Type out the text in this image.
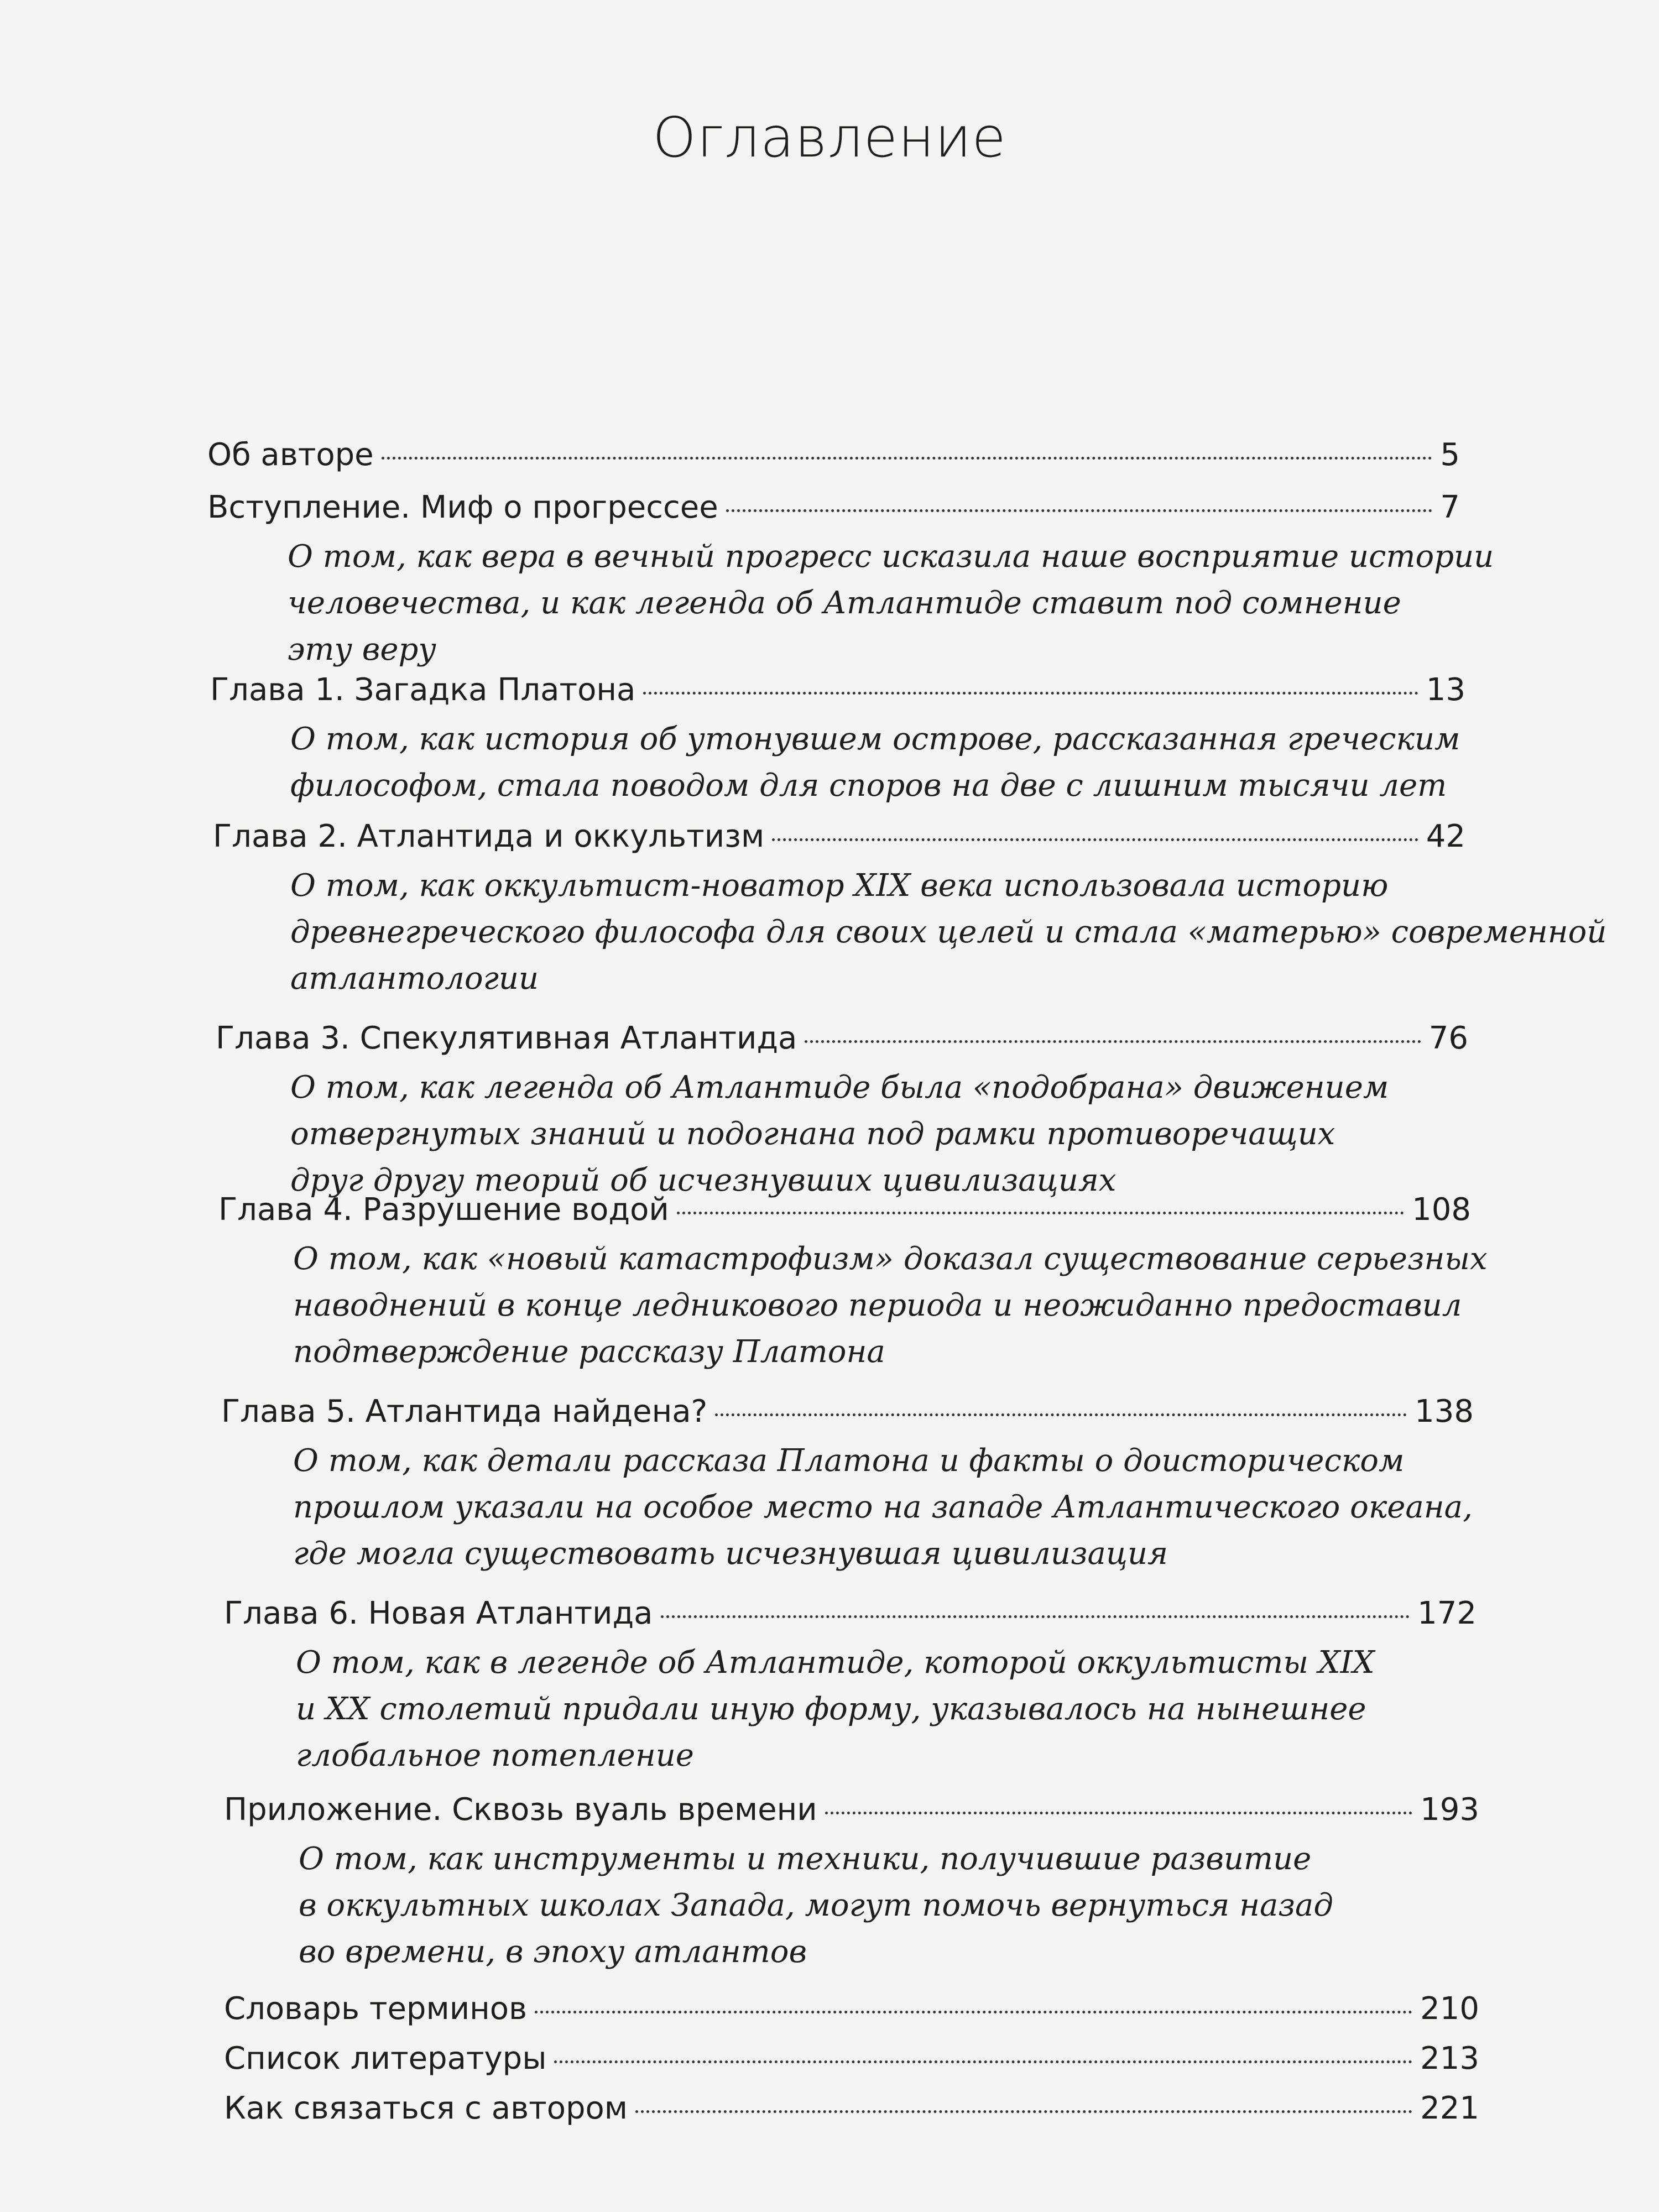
Оглавление
Об авторе	5
Вступление. Миф о прогрессее	7
О том, как вера в вечный прогресс исказила наше восприятие истории
человечества, и как легенда об Атлантиде ставит под сомнение
эту веру
Глава 1. Загадка Платона	13
О том, как история об утонувшем острове, рассказанная греческим
философом, стала поводом для споров на две с лишним тысячи лет
Глава 2. Атлантида и оккультизм	42
О том, как оккультист-новатор XIX века использовала историю
древнегреческого философа для своих целей и стала «матерью» современной
атлантологии
Глава 3. Спекулятивная Атлантида	76
О том, как легенда об Атлантиде была «подобрана» движением
отвергнутых знаний и подогнана под рамки противоречащих
друг другу теорий об исчезнувших цивилизациях
Глава 4. Разрушение водой	108
О том, как «новый катастрофизм» доказал существование серьезных
наводнений в конце ледникового периода и неожиданно предоставил
подтверждение рассказу Платона
Глава 5. Атлантида найдена?	138
О том, как детали рассказа Платона и факты о доисторическом
прошлом указали на особое место на западе Атлантического океана,
где могла существовать исчезнувшая цивилизация
Глава 6. Новая Атлантида	172
О том, как в легенде об Атлантиде, которой оккультисты XIX
и XX столетий придали иную форму, указывалось на нынешнее
глобальное потепление
Приложение. Сквозь вуаль времени	193
О том, как инструменты и техники, получившие развитие
в оккультных школах Запада, могут помочь вернуться назад
во времени, в эпоху атлантов
Словарь терминов	210
Список литературы	213
Как связаться с автором	221
